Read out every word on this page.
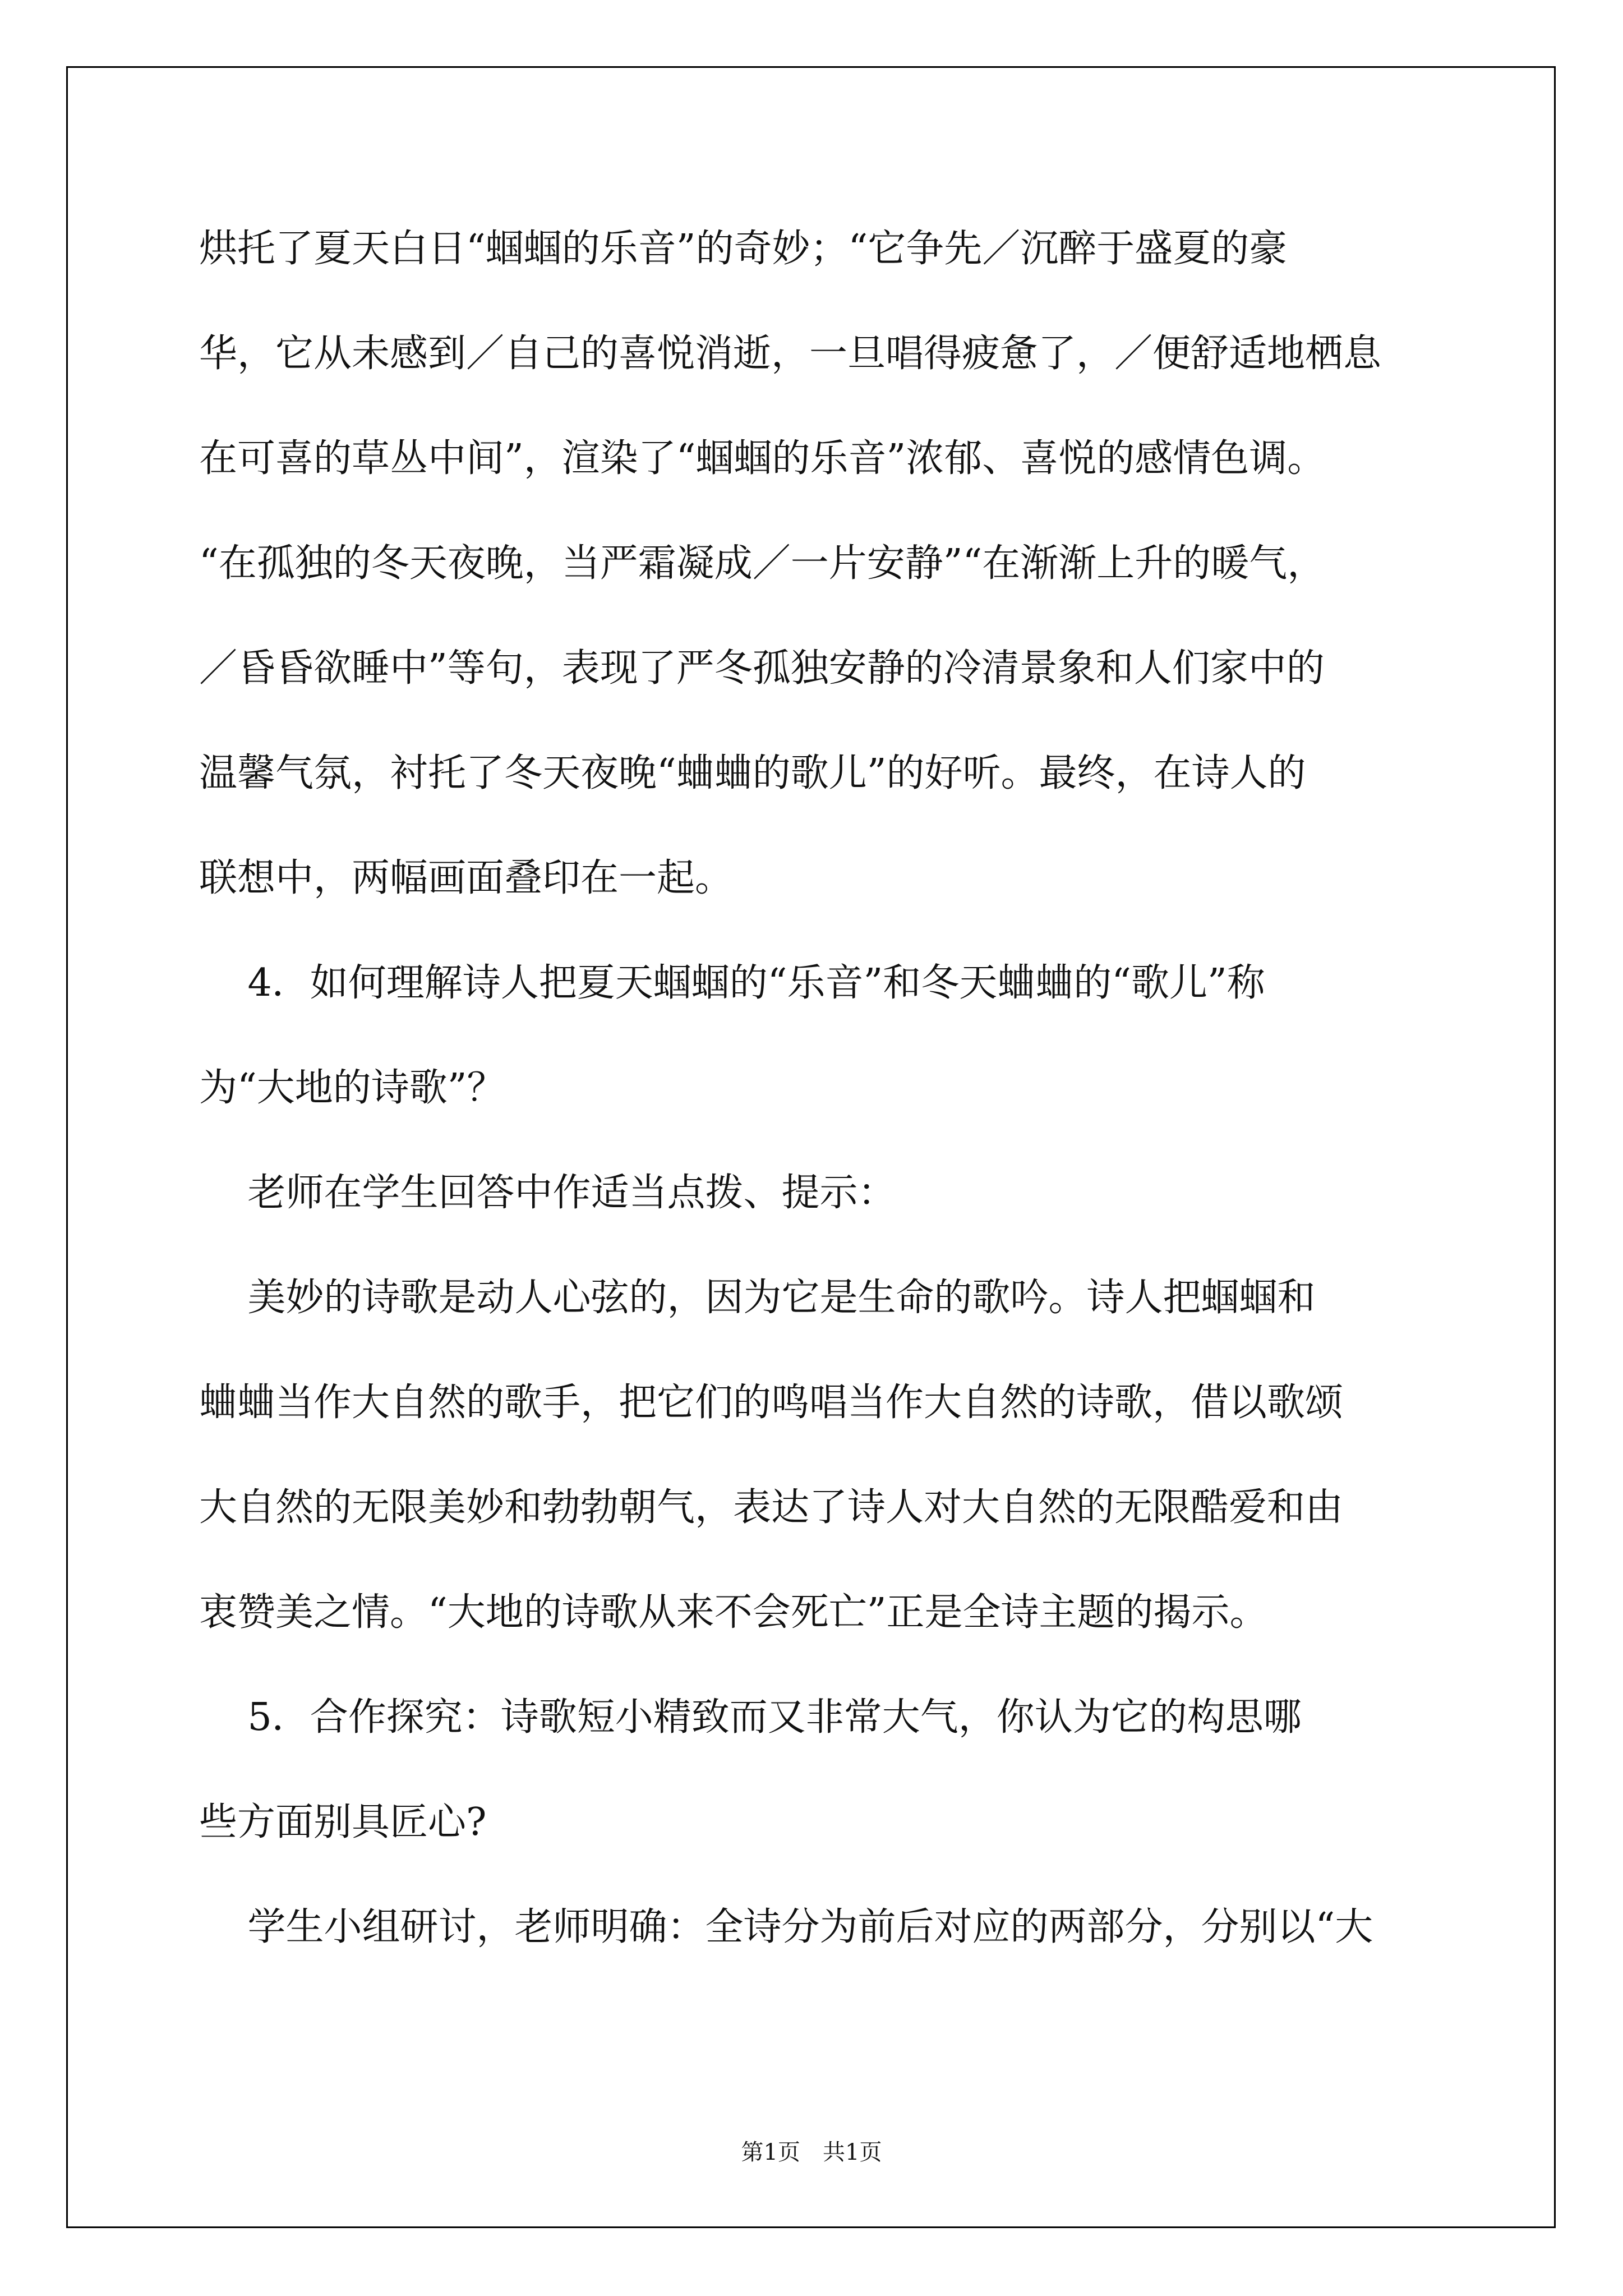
烘托了夏天白日“蝈蝈的乐音”的奇妙；“它争先／沉醉于盛夏的豪
华，它从未感到／自己的喜悦消逝，一旦唱得疲惫了，／便舒适地栖息
在可喜的草丛中间”，渲染了“蝈蝈的乐音”浓郁、喜悦的感情色调。
“在孤独的冬天夜晚，当严霜凝成／一片安静”“在渐渐上升的暖气，
／昏昏欲睡中”等句，表现了严冬孤独安静的冷清景象和人们家中的
温馨气氛，衬托了冬天夜晚“蛐蛐的歌儿”的好听。最终，在诗人的
联想中，两幅画面叠印在一起。
4．如何理解诗人把夏天蝈蝈的“乐音”和冬天蛐蛐的“歌儿”称
为“大地的诗歌”？
老师在学生回答中作适当点拨、提示：
美妙的诗歌是动人心弦的，因为它是生命的歌吟。诗人把蝈蝈和
蛐蛐当作大自然的歌手，把它们的鸣唱当作大自然的诗歌，借以歌颂
大自然的无限美妙和勃勃朝气，表达了诗人对大自然的无限酷爱和由
衷赞美之情。“大地的诗歌从来不会死亡”正是全诗主题的揭示。
5．合作探究：诗歌短小精致而又非常大气，你认为它的构思哪
些方面别具匠心?
学生小组研讨，老师明确：全诗分为前后对应的两部分，分别以“大
第1页　共1页
